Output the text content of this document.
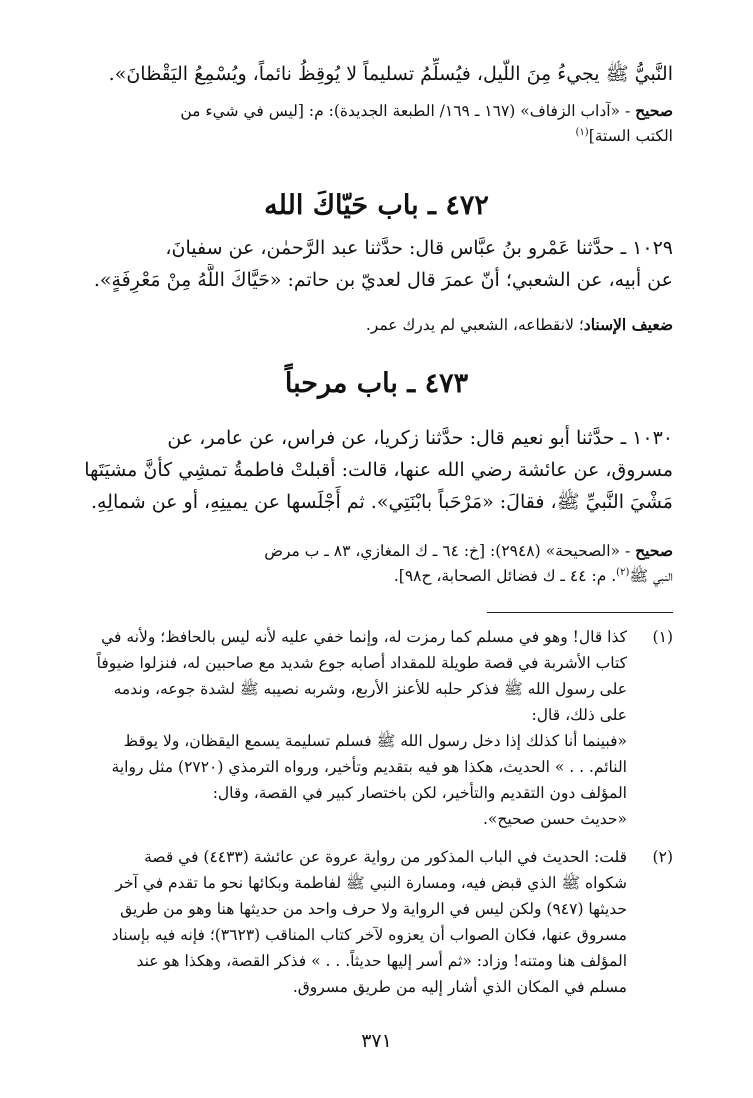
النَّبيُّ ﷺ يجيءُ مِنَ اللّيل، فيُسلِّمُ تسليماً لا يُوقِظُ نائماً، ويُسْمِعُ اليَقْظانَ».
صحيح - «آداب الزفاف» (١٦٧ ـ ١٦٩/ الطبعة الجديدة): م: [ليس في شيء من
الكتب الستة]$^{(١)}$
٤٧٢ ـ باب حَيّاكَ الله
١٠٢٩ ـ حدَّثنا عَمْرو بنُ عبَّاس قال: حدَّثنا عبد الرَّحمٰن، عن سفيانَ،
عن أبيه، عن الشعبي؛ أنّ عمرَ قال لعديّ بن حاتم: «حَيَّاكَ اللَّهُ مِنْ مَعْرِفَةٍ».
ضعيف الإسناد؛ لانقطاعه، الشعبي لم يدرك عمر.
٤٧٣ ـ باب مرحباً
١٠٣٠ ـ حدَّثنا أبو نعيم قال: حدَّثنا زكريا، عن فراس، عن عامر، عن
مسروق، عن عائشة رضي الله عنها، قالت: أقبلتْ فاطمةُ تمشِي كأنَّ مشيَتَها
مَشْيَ النَّبيِّ ﷺ، فقالَ: «مَرْحَباً بابْنَتِي». ثم أَجْلَسها عن يمينِهِ، أو عن شمالِهِ.
صحيح - «الصحيحة» (٢٩٤٨): [خ: ٦٤ ـ ك المغازي، ٨٣ ـ ب مرض
النبي ﷺ$^{(٢)}$. م: ٤٤ ـ ك فضائل الصحابة، ح٩٨].
(١)
كذا قال! وهو في مسلم كما رمزت له، وإنما خفي عليه لأنه ليس بالحافظ؛ ولأنه في
كتاب الأشربة في قصة طويلة للمقداد أصابه جوع شديد مع صاحبين له، فنزلوا ضيوفاً
على رسول الله ﷺ فذكر حلبه للأعنز الأربع، وشربه نصيبه ﷺ لشدة جوعه، وندمه
على ذلك، قال:
«فبينما أنا كذلك إذا دخل رسول الله ﷺ فسلم تسليمة يسمع اليقظان، ولا يوقظ
النائم. . . » الحديث، هكذا هو فيه بتقديم وتأخير، ورواه الترمذي (٢٧٢٠) مثل رواية
المؤلف دون التقديم والتأخير، لكن باختصار كبير في القصة، وقال:
«حديث حسن صحيح».
(٢)
قلت: الحديث في الباب المذكور من رواية عروة عن عائشة (٤٤٣٣) في قصة
شكواه ﷺ الذي قبض فيه، ومسارة النبي ﷺ لفاطمة وبكائها نحو ما تقدم في آخر
حديثها (٩٤٧) ولكن ليس في الرواية ولا حرف واحد من حديثها هنا وهو من طريق
مسروق عنها، فكان الصواب أن يعزوه لآخر كتاب المناقب (٣٦٢٣)؛ فإنه فيه بإسناد
المؤلف هنا ومتنه! وزاد: «ثم أسر إليها حديثاً. . . » فذكر القصة، وهكذا هو عند
مسلم في المكان الذي أشار إليه من طريق مسروق.
٣٧١
